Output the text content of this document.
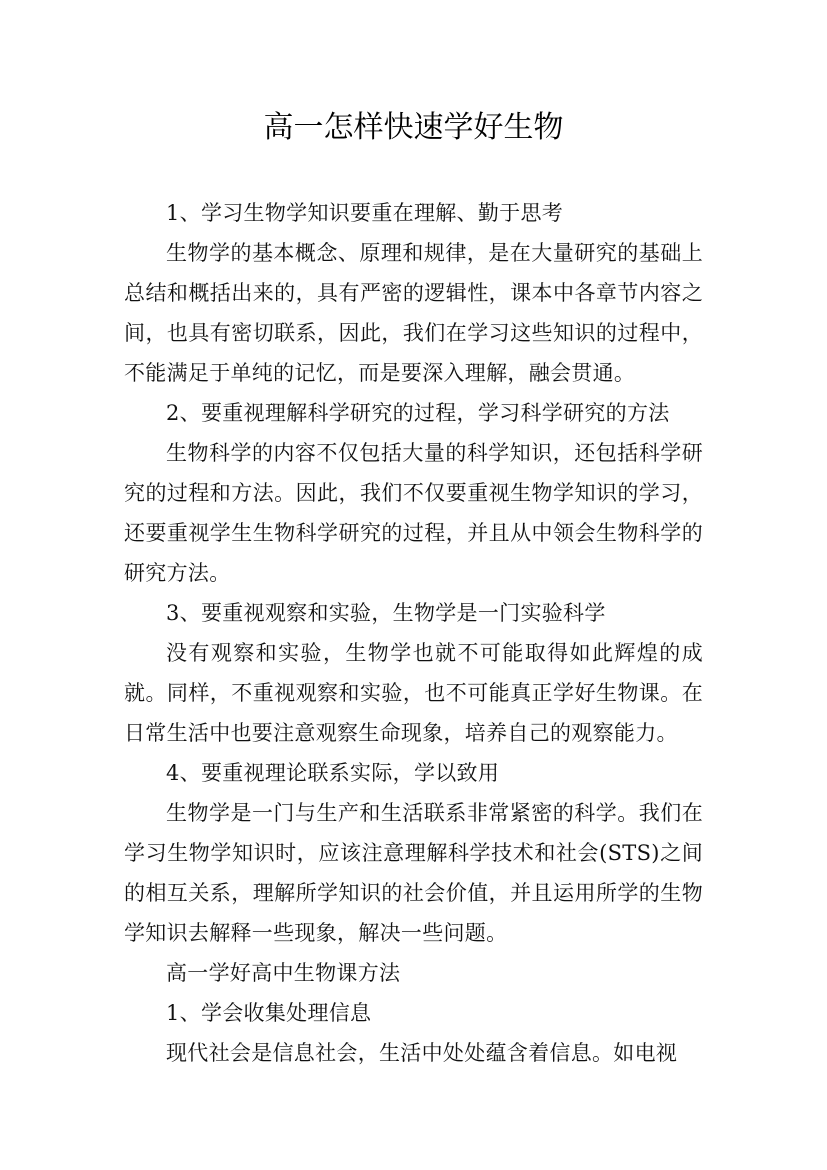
高一怎样快速学好生物

1、学习生物学知识要重在理解、勤于思考

生物学的基本概念、原理和规律，是在大量研究的基础上总结和概括出来的，具有严密的逻辑性，课本中各章节内容之间，也具有密切联系，因此，我们在学习这些知识的过程中，不能满足于单纯的记忆，而是要深入理解，融会贯通。

2、要重视理解科学研究的过程，学习科学研究的方法

生物科学的内容不仅包括大量的科学知识，还包括科学研究的过程和方法。因此，我们不仅要重视生物学知识的学习，还要重视学生生物科学研究的过程，并且从中领会生物科学的研究方法。

3、要重视观察和实验，生物学是一门实验科学

没有观察和实验，生物学也就不可能取得如此辉煌的成就。同样，不重视观察和实验，也不可能真正学好生物课。在日常生活中也要注意观察生命现象，培养自己的观察能力。

4、要重视理论联系实际，学以致用

生物学是一门与生产和生活联系非常紧密的科学。我们在学习生物学知识时，应该注意理解科学技术和社会(STS)之间的相互关系，理解所学知识的社会价值，并且运用所学的生物学知识去解释一些现象，解决一些问题。

高一学好高中生物课方法

1、学会收集处理信息

现代社会是信息社会，生活中处处蕴含着信息。如电视
